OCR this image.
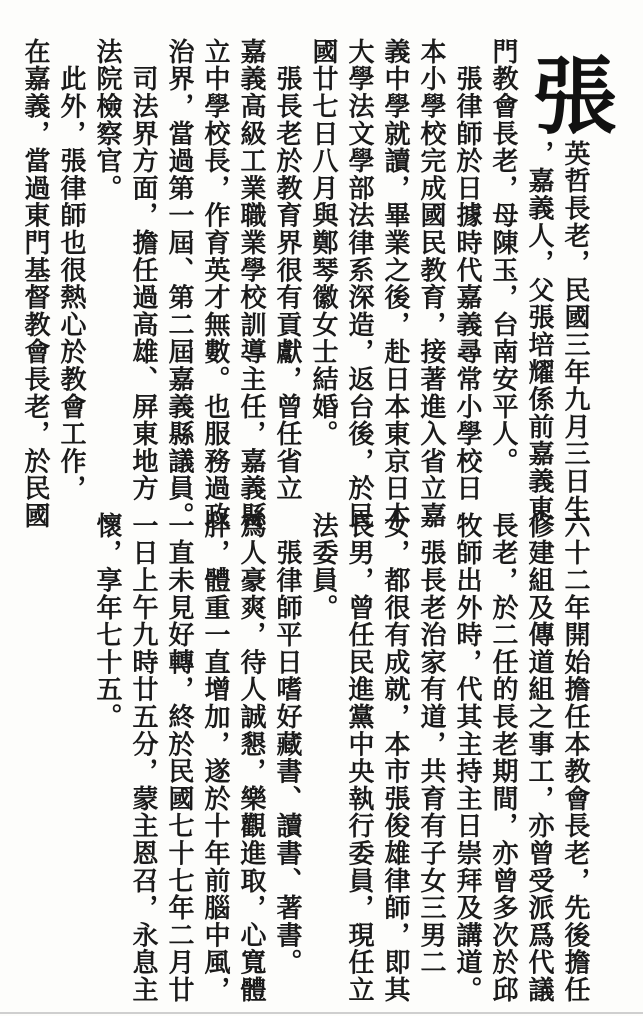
張
英哲長老，民國三年九月三日生
，嘉義人，父張培耀係前嘉義東
門教會長老，母陳玉，台南安平人。
　張律師於日據時代嘉義尋常小學校日
本小學校完成國民教育，接著進入省立嘉
義中學就讀，畢業之後，赴日本東京日本
大學法文學部法律系深造，返台後，於民
國廿七日八月與鄭琴徽女士結婚。
　張長老於教育界很有貢獻，曾任省立
嘉義高級工業職業學校訓導主任，嘉義縣
立中學校長，作育英才無數。也服務過政
治界，當過第一屆、第二屆嘉義縣議員。
　司法界方面，擔任過高雄、屏東地方
法院檢察官。
　此外，張律師也很熱心於教會工作，
在嘉義，當過東門基督教會長老，於民國
六十二年開始擔任本教會長老，先後擔任
修建組及傳道組之事工，亦曾受派爲代議
長老，於二任的長老期間，亦曾多次於邱
牧師出外時，代其主持主日崇拜及講道。
　張長老治家有道，共育有子女三男二
女，都很有成就，本市張俊雄律師，即其
長男，曾任民進黨中央執行委員，現任立
法委員。
　張律師平日嗜好藏書、讀書、著書。
爲人豪爽，待人誠懇，樂觀進取，心寬體
胖，體重一直增加，遂於十年前腦中風，
一直未見好轉，終於民國七十七年二月廿
一日上午九時廿五分，蒙主恩召，永息主
懷，享年七十五。
